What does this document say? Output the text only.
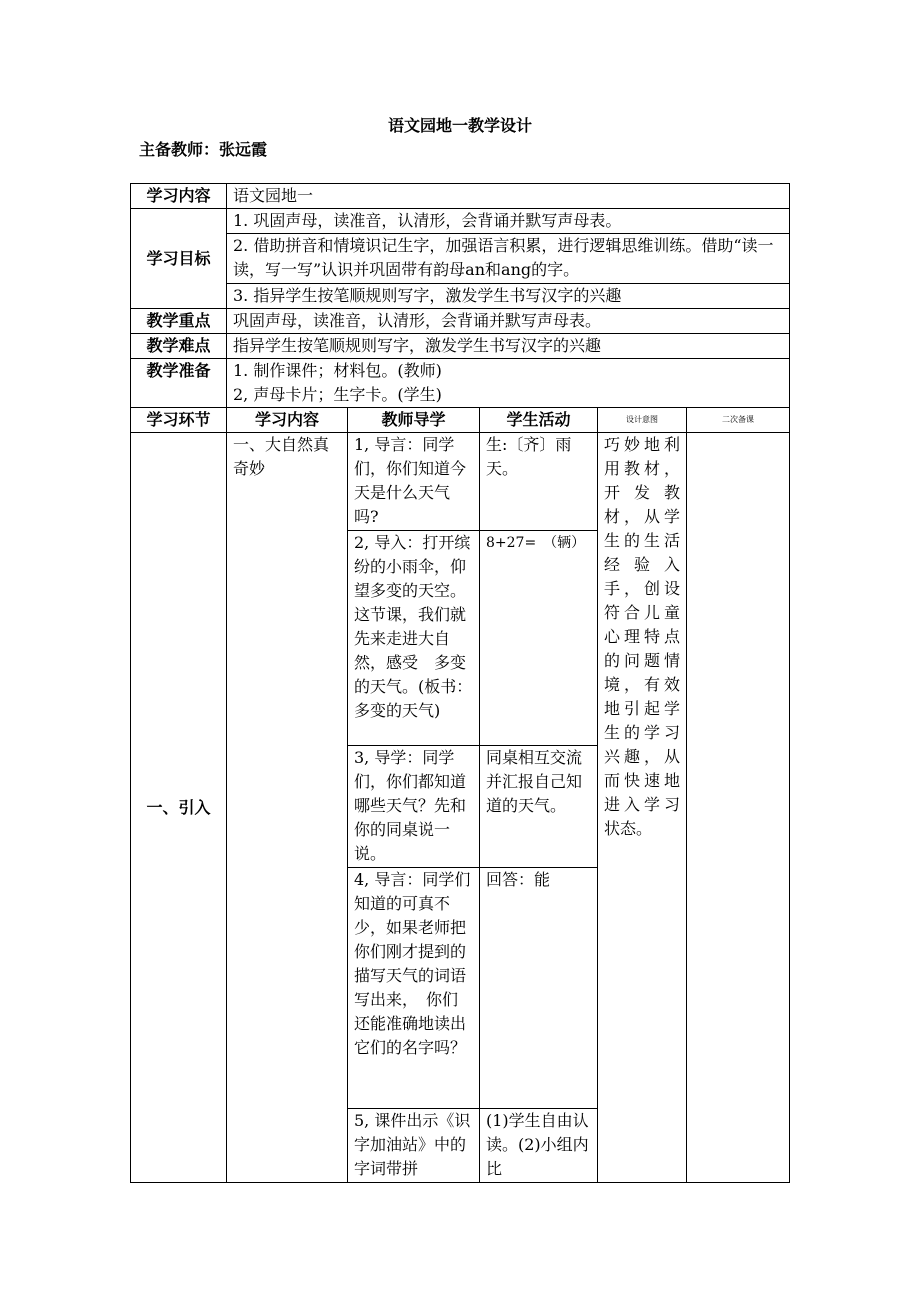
语文园地一教学设计
主备教师：张远霞
学习内容	语文园地一				
学习目标	1. 巩固声母，读准音，认清形，会背诵并默写声母表。				
	2. 借助拼音和情境识记生字，加强语言积累，进行逻辑思维训练。借助“读一读，写一写”认识并巩固带有韵母an和ang的字。				
	3. 指异学生按笔顺规则写字，激发学生书写汉字的兴趣				
教学重点	巩固声母，读准音，认清形，会背诵并默写声母表。				
教学难点	指异学生按笔顺规则写字，激发学生书写汉字的兴趣				
教学准备	1. 制作课件；材料包。(教师)
2, 声母卡片；生字卡。(学生)				

学习环节	学习内容	教师导学	学生活动	设计意图	二次备课
一、引入	一、大自然真奇妙	1, 导言：同学们，你们知道今天是什么天气吗?	生:〔齐〕雨天。	巧妙地利用教材，开发教材，从学生的生活经验入手，创设符合儿童心理特点的问题情境，有效地引起学生的学习兴趣，从而快速地进入学习状态。	
		2, 导入：打开缤纷的小雨伞，仰望多变的天空。这节课，我们就先来走进大自然，感受　多变的天气。(板书：多变的天气)	8+27=　（辆）		
		3, 导学：同学们，你们都知道哪些天气？先和你的同桌说一说。	同桌相互交流并汇报自己知道的天气。		
		4, 导言：同学们知道的可真不少，如果老师把你们刚才提到的描写天气的词语写出来，　你们还能准确地读出它们的名字吗？	回答：能		
		5, 课件出示《识字加油站》中的字词带拼	(1)学生自由认读。(2)小组内比		
